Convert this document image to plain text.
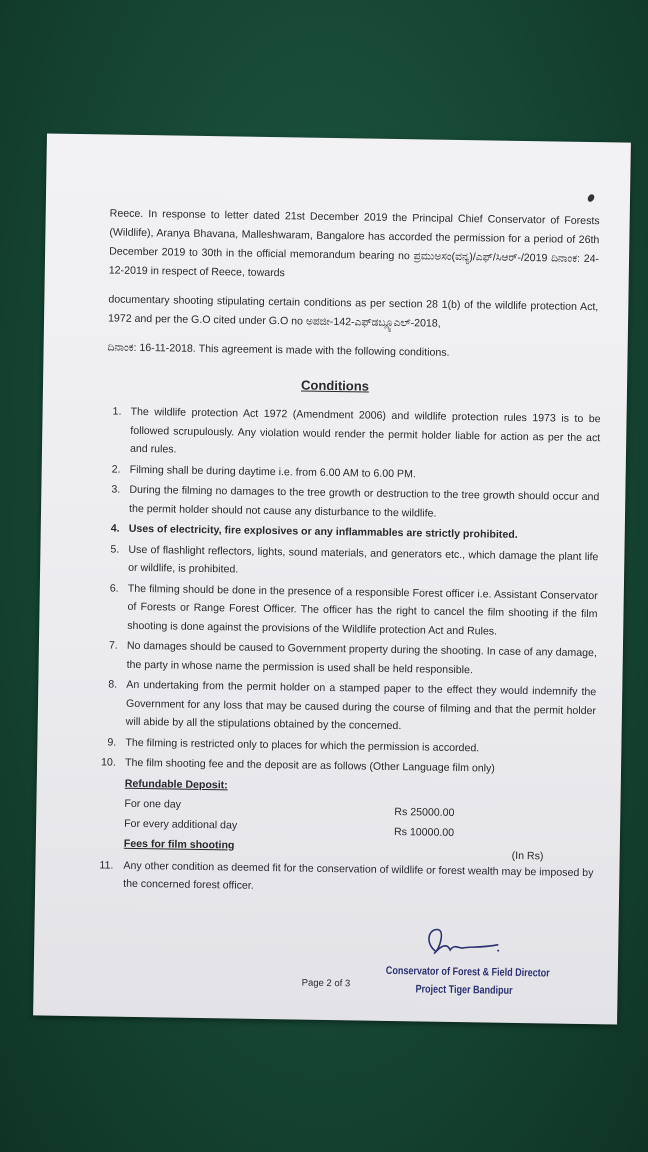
Reece. In response to letter dated 21st December 2019 the Principal Chief Conservator of Forests (Wildlife), Aranya Bhavana, Malleshwaram, Bangalore has accorded the permission for a period of 26th December 2019 to 30th in the official memorandum bearing no ಪ್ರಮುಅಸಂ(ವನ್ಯ)/ಎಫ್/ಸಿಆರ್-/2019 ದಿನಾಂಕ: 24-12-2019 in respect of Reece, towards

documentary shooting stipulating certain conditions as per section 28 1(b) of the wildlife protection Act, 1972 and per the G.O cited under G.O no ಅಪಜೀ-142-ಎಫ್‌ಡಬ್ಲ್ಯೂಎಲ್-2018,

ದಿನಾಂಕ: 16-11-2018. This agreement is made with the following conditions.

Conditions
1. The wildlife protection Act 1972 (Amendment 2006) and wildlife protection rules 1973 is to be followed scrupulously. Any violation would render the permit holder liable for action as per the act and rules.
2. Filming shall be during daytime i.e. from 6.00 AM to 6.00 PM.
3. During the filming no damages to the tree growth or destruction to the tree growth should occur and the permit holder should not cause any disturbance to the wildlife.
4. Uses of electricity, fire explosives or any inflammables are strictly prohibited.
5. Use of flashlight reflectors, lights, sound materials, and generators etc., which damage the plant life or wildlife, is prohibited.
6. The filming should be done in the presence of a responsible Forest officer i.e. Assistant Conservator of Forests or Range Forest Officer. The officer has the right to cancel the film shooting if the film shooting is done against the provisions of the Wildlife protection Act and Rules.
7. No damages should be caused to Government property during the shooting. In case of any damage, the party in whose name the permission is used shall be held responsible.
8. An undertaking from the permit holder on a stamped paper to the effect they would indemnify the Government for any loss that may be caused during the course of filming and that the permit holder will abide by all the stipulations obtained by the concerned.
9. The filming is restricted only to places for which the permission is accorded.
10. The film shooting fee and the deposit are as follows (Other Language film only)
Refundable Deposit:
For one day
Rs 25000.00
For every additional day
Rs 10000.00
Fees for film shooting
(In Rs)
11. Any other condition as deemed fit for the conservation of wildlife or forest wealth may be imposed by the concerned forest officer.
Conservator of Forest & Field Director
Project Tiger Bandipur
Page 2 of 3
